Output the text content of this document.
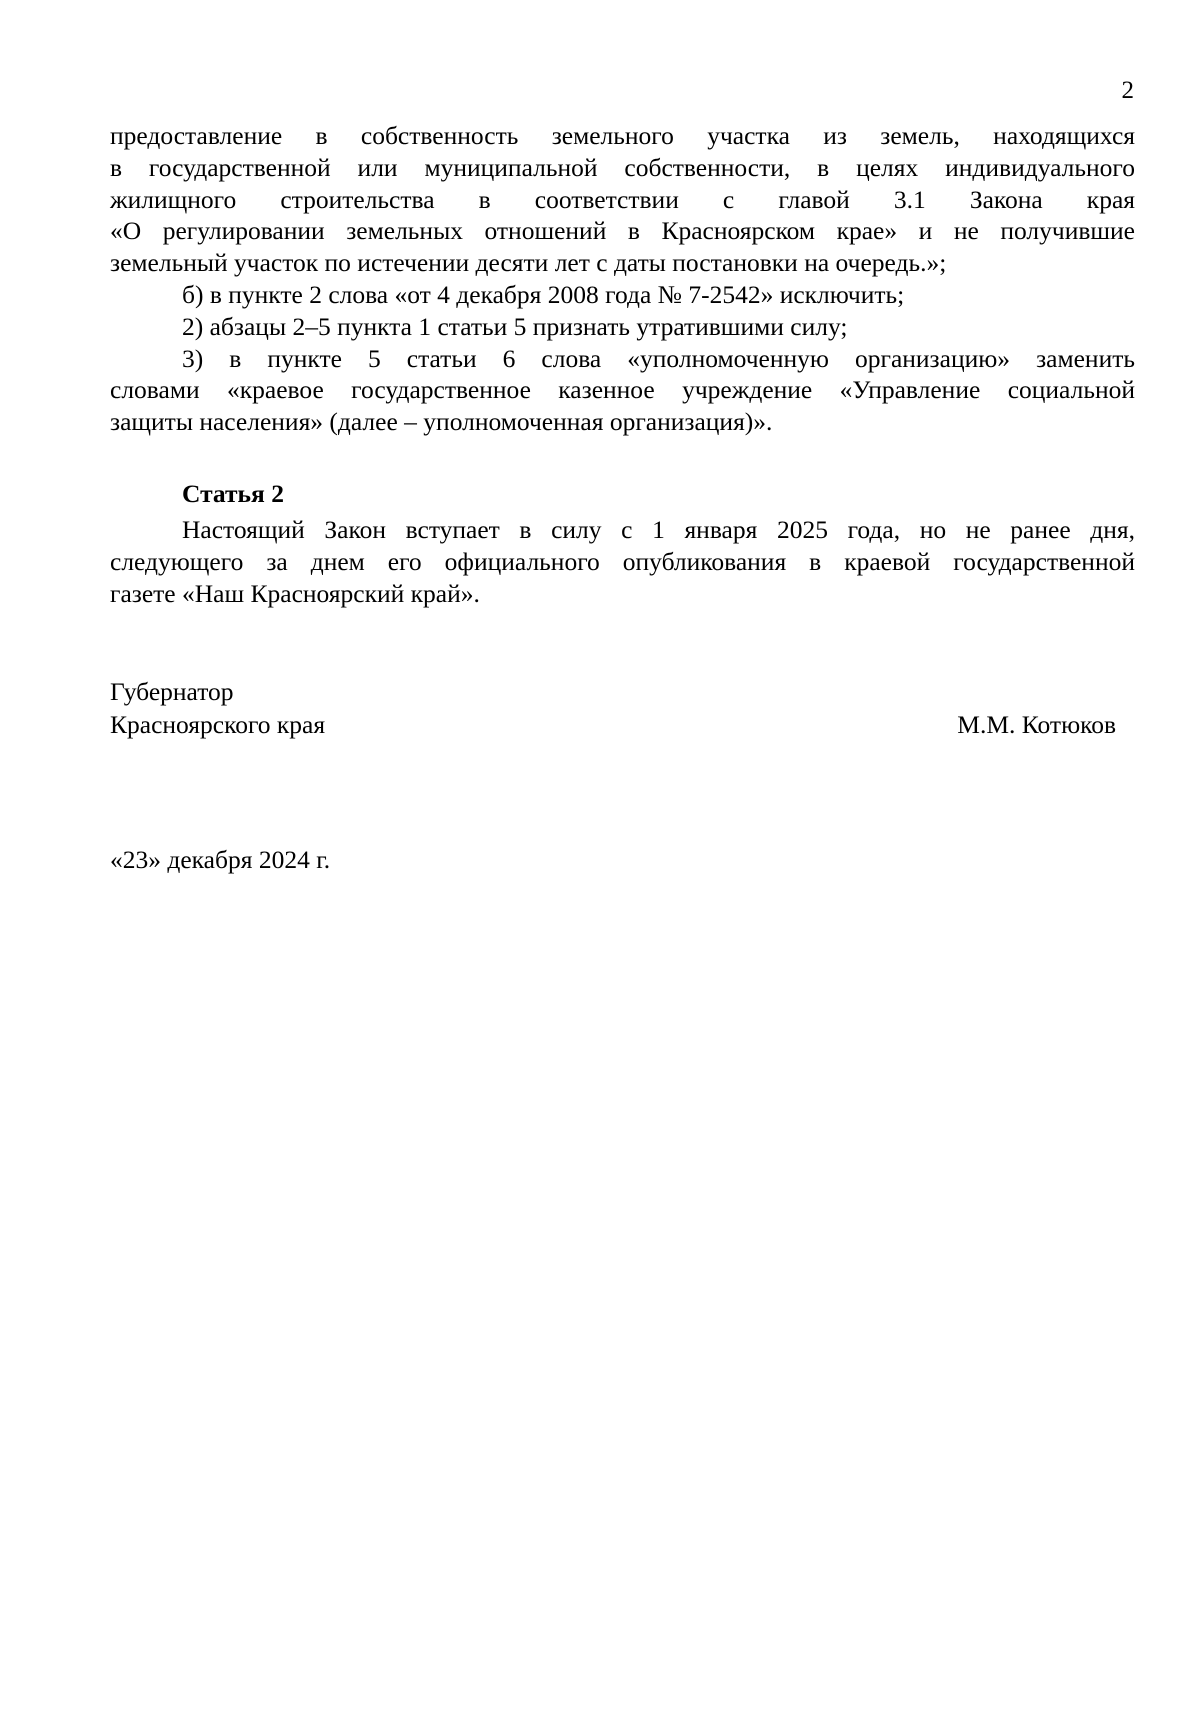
2

предоставление в собственность земельного участка из земель, находящихся

в государственной или муниципальной собственности, в целях индивидуального

жилищного строительства в соответствии с главой 3.1 Закона края

«О регулировании земельных отношений в Красноярском крае» и не получившие

земельный участок по истечении десяти лет с даты постановки на очередь.»;

б) в пункте 2 слова «от 4 декабря 2008 года № 7-2542» исключить;

2) абзацы 2–5 пункта 1 статьи 5 признать утратившими силу;

3) в пункте 5 статьи 6 слова «уполномоченную организацию» заменить

словами «краевое государственное казенное учреждение «Управление социальной

защиты населения» (далее – уполномоченная организация)».

Статья 2

Настоящий Закон вступает в силу с 1 января 2025 года, но не ранее дня,

следующего за днем его официального опубликования в краевой государственной

газете «Наш Красноярский край».

Губернатор
Красноярского края	М.М. Котюков
«23» декабря 2024 г.
